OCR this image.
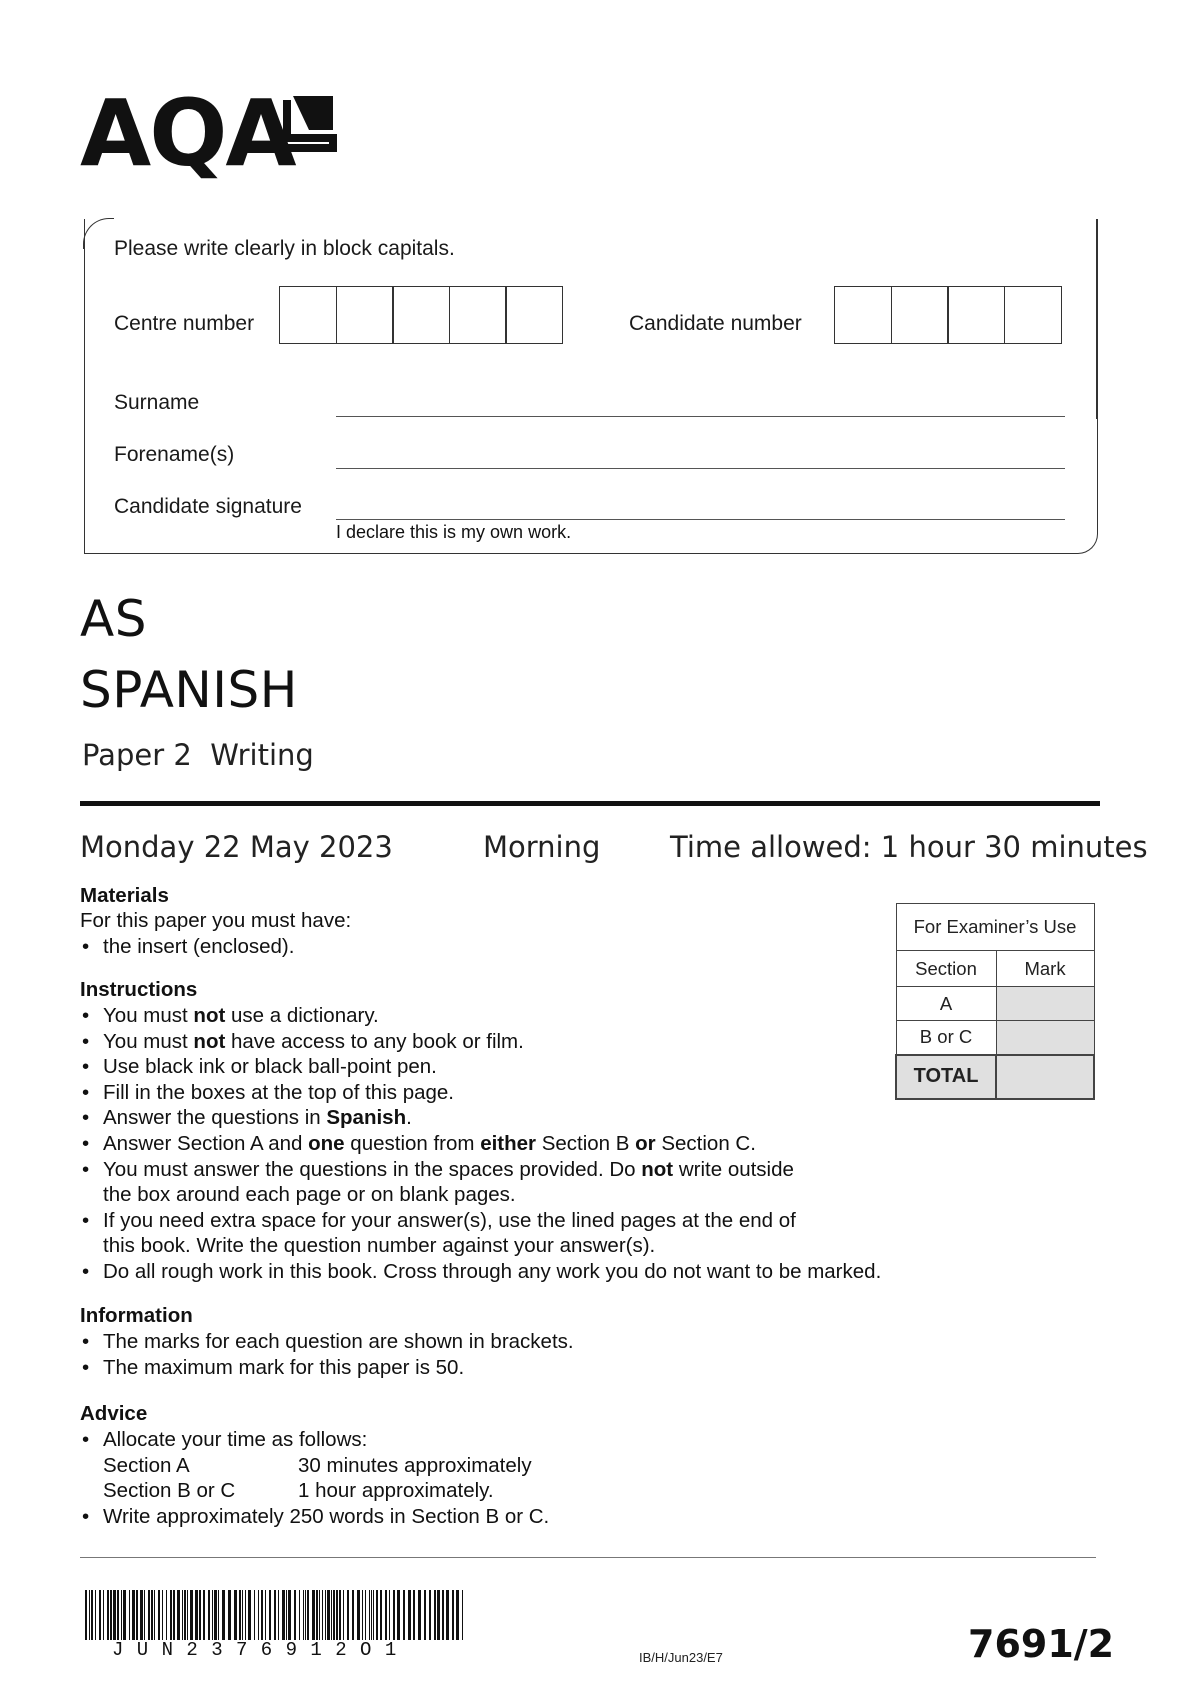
AQA
Please write clearly in block capitals.
Centre number	Candidate number
Surname
Forename(s)
Candidate signature
I declare this is my own work.
AS
SPANISH
Paper 2  Writing
Monday 22 May 2023	Morning Time allowed: 1 hour 30 minutes
Materials
For this paper you must have:
• the insert (enclosed).
Instructions
• You must not use a dictionary.
• You must not have access to any book or film.
• Use black ink or black ball-point pen.
• Fill in the boxes at the top of this page.
• Answer the questions in Spanish.
• Answer Section A and one question from either Section B or Section C.
• You must answer the questions in the spaces provided. Do not write outside the box around each page or on blank pages.
• If you need extra space for your answer(s), use the lined pages at the end of this book. Write the question number against your answer(s).
• Do all rough work in this book. Cross through any work you do not want to be marked.
Information
• The marks for each question are shown in brackets.
• The maximum mark for this paper is 50.
Advice
• Allocate your time as follows:
Section A	30 minutes approximately
Section B or C	1 hour approximately.
• Write approximately 250 words in Section B or C.
For Examiner’s Use	
Section	Mark
A	
B or C	
TOTAL	
JUN2376912O1	IB/H/Jun23/E7	7691/2
